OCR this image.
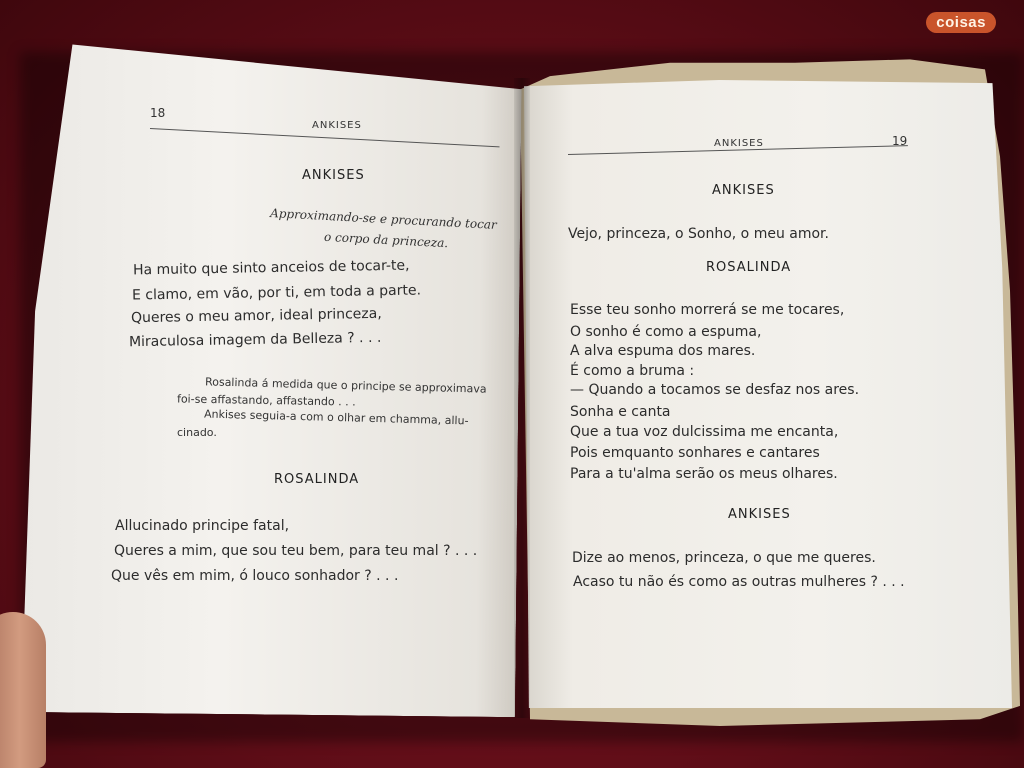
18

ANKISES

ANKISES

Approximando-se e procurando tocar

o corpo da princeza.

Ha muito que sinto anceios de tocar-te,

E clamo, em vão, por ti, em toda a parte.

Queres o meu amor, ideal princeza,

Miraculosa imagem da Belleza ? . . .

Rosalinda á medida que o principe se approximava

foi-se affastando, affastando . . .

Ankises seguia-a com o olhar em chamma, allu-

cinado.

ROSALINDA

Allucinado principe fatal,

Queres a mim, que sou teu bem, para teu mal ? . . .

Que vês em mim, ó louco sonhador ? . . .

ANKISES	19

ANKISES

Vejo, princeza, o Sonho, o meu amor.

ROSALINDA

Esse teu sonho morrerá se me tocares,

O sonho é como a espuma,

A alva espuma dos mares.

É como a bruma :

— Quando a tocamos se desfaz nos ares.

Sonha e canta

Que a tua voz dulcissima me encanta,

Pois emquanto sonhares e cantares

Para a tu'alma serão os meus olhares.

ANKISES

Dize ao menos, princeza, o que me queres.

Acaso tu não és como as outras mulheres ? . . .

coisas
